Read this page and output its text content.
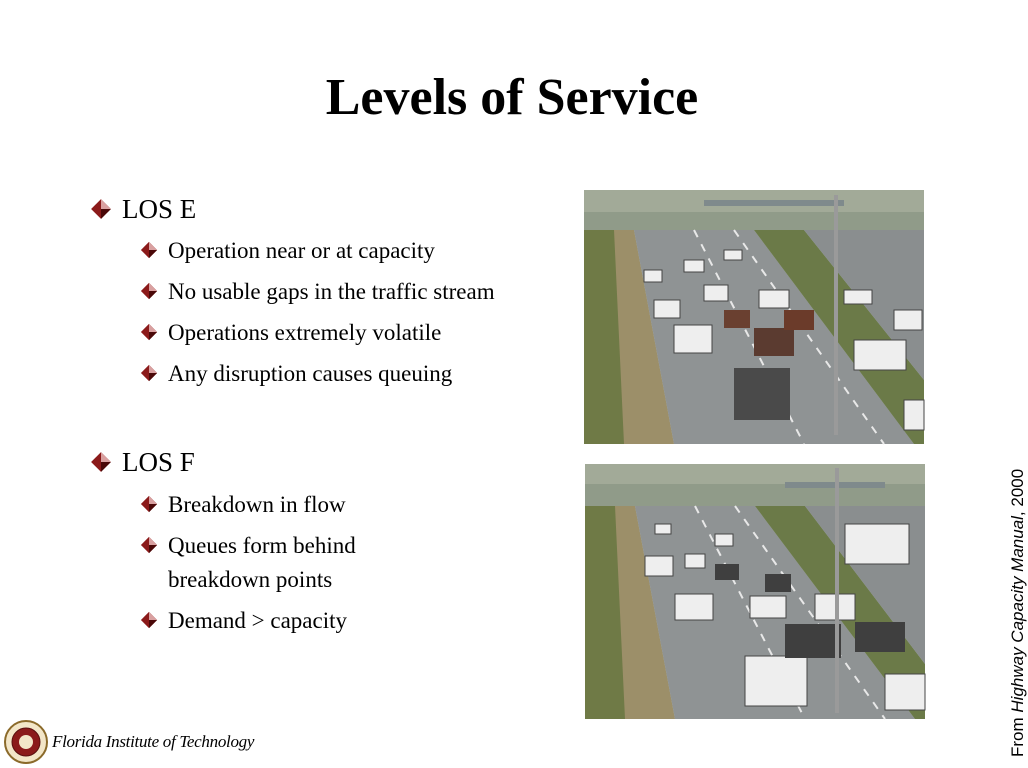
Levels of Service
LOS E
Operation near or at capacity
No usable gaps in the traffic stream
Operations extremely volatile
Any disruption causes queuing
LOS F
Breakdown in flow
Queues form behind
breakdown points
Demand > capacity
From Highway Capacity Manual, 2000
Florida Institute of Technology
